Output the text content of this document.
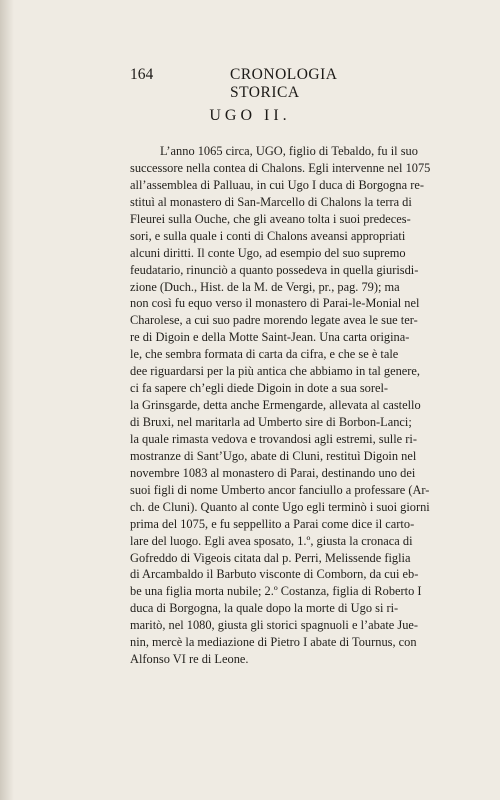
164	CRONOLOGIA STORICA
UGO II.
L’anno 1065 circa, UGO, figlio di Tebaldo, fu il suo
successore nella contea di Chalons. Egli intervenne nel 1075
all’assemblea di Palluau, in cui Ugo I duca di Borgogna re-
stituì al monastero di San-Marcello di Chalons la terra di
Fleurei sulla Ouche, che gli aveano tolta i suoi predeces-
sori, e sulla quale i conti di Chalons aveansi appropriati
alcuni diritti. Il conte Ugo, ad esempio del suo supremo
feudatario, rinunciò a quanto possedeva in quella giurisdi-
zione (Duch., Hist. de la M. de Vergi, pr., pag. 79); ma
non così fu equo verso il monastero di Parai-le-Monial nel
Charolese, a cui suo padre morendo legate avea le sue ter-
re di Digoin e della Motte Saint-Jean. Una carta origina-
le, che sembra formata di carta da cifra, e che se è tale
dee riguardarsi per la più antica che abbiamo in tal genere,
ci fa sapere ch’egli diede Digoin in dote a sua sorel-
la Grinsgarde, detta anche Ermengarde, allevata al castello
di Bruxi, nel maritarla ad Umberto sire di Borbon-Lanci;
la quale rimasta vedova e trovandosi agli estremi, sulle ri-
mostranze di Sant’Ugo, abate di Cluni, restituì Digoin nel
novembre 1083 al monastero di Parai, destinando uno dei
suoi figli di nome Umberto ancor fanciullo a professare (Ar-
ch. de Cluni). Quanto al conte Ugo egli terminò i suoi giorni
prima del 1075, e fu seppellito a Parai come dice il carto-
lare del luogo. Egli avea sposato, 1.º, giusta la cronaca di
Gofreddo di Vigeois citata dal p. Perri, Melissende figlia
di Arcambaldo il Barbuto visconte di Comborn, da cui eb-
be una figlia morta nubile; 2.º Costanza, figlia di Roberto I
duca di Borgogna, la quale dopo la morte di Ugo si ri-
maritò, nel 1080, giusta gli storici spagnuoli e l’abate Jue-
nin, mercè la mediazione di Pietro I abate di Tournus, con
Alfonso VI re di Leone.
